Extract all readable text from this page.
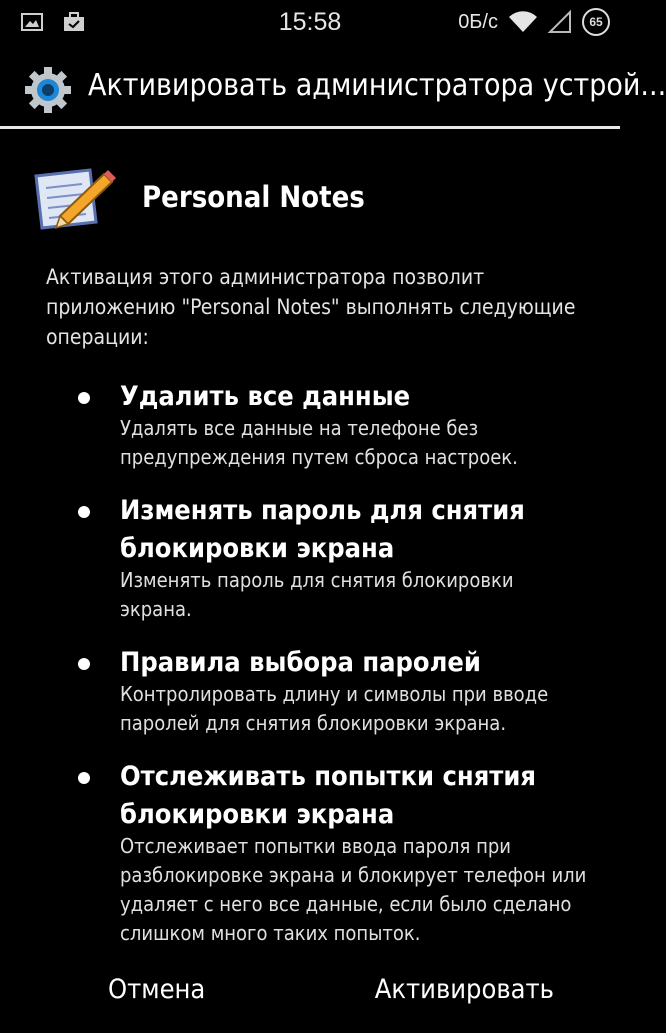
15:58	0Б/с	65
Активировать администратора устрой...
Personal Notes
Активация этого администратора позволит приложению "Personal Notes" выполнять следующие операции:
Удалить все данные
Удалять все данные на телефоне без предупреждения путем сброса настроек.
Изменять пароль для снятия блокировки экрана
Изменять пароль для снятия блокировки экрана.
Правила выбора паролей
Контролировать длину и символы при вводе паролей для снятия блокировки экрана.
Отслеживать попытки снятия блокировки экрана
Отслеживает попытки ввода пароля при разблокировке экрана и блокирует телефон или удаляет с него все данные, если было сделано слишком много таких попыток.
Отмена	Активировать
